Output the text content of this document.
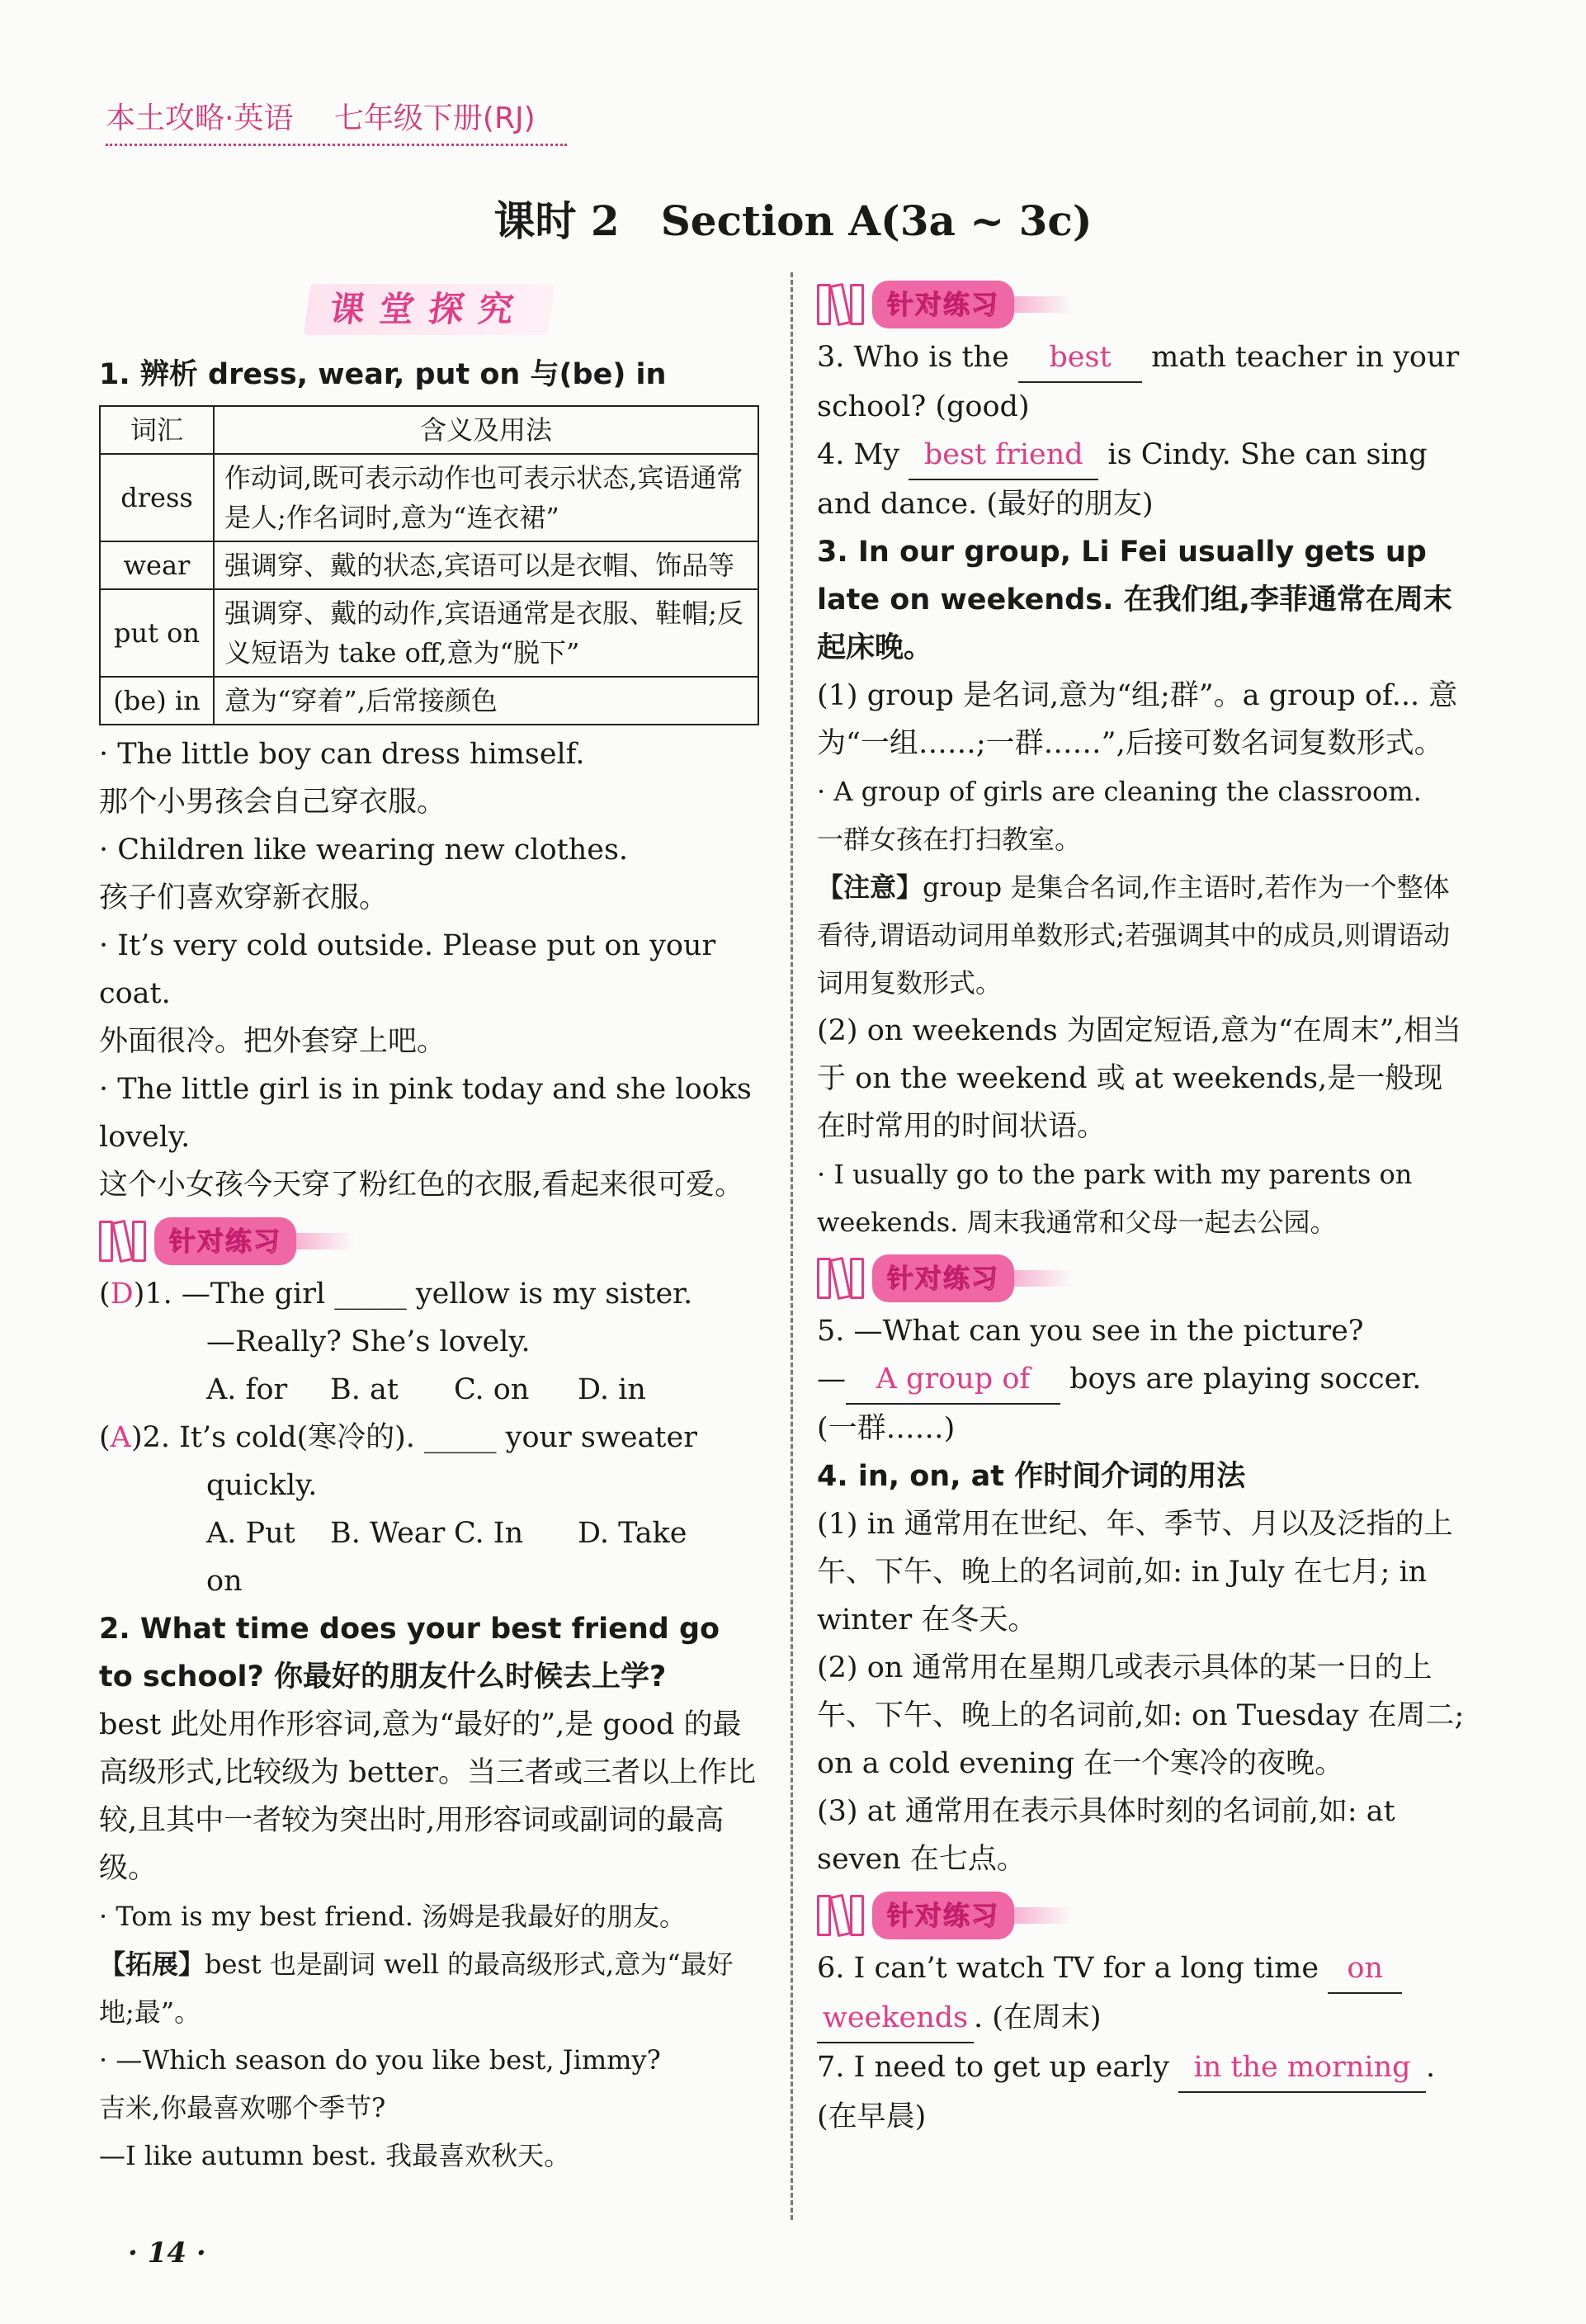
本土攻略·英语 七年级下册(RJ)
课时 2　Section A(3a ~ 3c)
课堂探究

1. 辨析 dress, wear, put on 与(be) in

词汇	含义及用法
dress	作动词,既可表示动作也可表示状态,宾语通常是人;作名词时,意为“连衣裙”
wear	强调穿、戴的状态,宾语可以是衣帽、饰品等
put on	强调穿、戴的动作,宾语通常是衣服、鞋帽;反义短语为 take off,意为“脱下”
(be) in	意为“穿着”,后常接颜色

· The little boy can dress himself.

那个小男孩会自己穿衣服。

· Children like wearing new clothes.

孩子们喜欢穿新衣服。

· It’s very cold outside. Please put on your coat.

外面很冷。把外套穿上吧。

· The little girl is in pink today and she looks lovely.

这个小女孩今天穿了粉红色的衣服,看起来很可爱。

针对练习

(D)1. —The girl _____ yellow is my sister.

—Really? She’s lovely.

A. for	B. at	C. on	D. in

(A)2. It’s cold(寒冷的). _____ your sweater

quickly.

A. Put on
B. Wear C. In	D. Take

2. What time does your best friend go to school? 你最好的朋友什么时候去上学?

best 此处用作形容词,意为“最好的”,是 good 的最高级形式,比较级为 better。当三者或三者以上作比较,且其中一者较为突出时,用形容词或副词的最高级。

· Tom is my best friend. 汤姆是我最好的朋友。

【拓展】best 也是副词 well 的最高级形式,意为“最好地;最”。

· —Which season do you like best, Jimmy?

吉米,你最喜欢哪个季节?

—I like autumn best. 我最喜欢秋天。

针对练习

3. Who is the best math teacher in your school? (good)

4. My best friend is Cindy. She can sing and dance. (最好的朋友)

3. In our group, Li Fei usually gets up late on weekends. 在我们组,李菲通常在周末起床晚。

(1) group 是名词,意为“组;群”。a group of... 意为“一组……;一群……”,后接可数名词复数形式。

· A group of girls are cleaning the classroom.

一群女孩在打扫教室。

【注意】group 是集合名词,作主语时,若作为一个整体看待,谓语动词用单数形式;若强调其中的成员,则谓语动词用复数形式。

(2) on weekends 为固定短语,意为“在周末”,相当于 on the weekend 或 at weekends,是一般现在时常用的时间状语。

· I usually go to the park with my parents on weekends. 周末我通常和父母一起去公园。

针对练习

5. —What can you see in the picture?

— A group of boys are playing soccer. (一群……)

4. in, on, at 作时间介词的用法

(1) in 通常用在世纪、年、季节、月以及泛指的上午、下午、晚上的名词前,如: in July 在七月; in winter 在冬天。

(2) on 通常用在星期几或表示具体的某一日的上午、下午、晚上的名词前,如: on Tuesday 在周二; on a cold evening 在一个寒冷的夜晚。

(3) at 通常用在表示具体时刻的名词前,如: at seven 在七点。

针对练习

6. I can’t watch TV for a long time on weekends . (在周末)

7. I need to get up early in the morning . (在早晨)

· 14 ·
